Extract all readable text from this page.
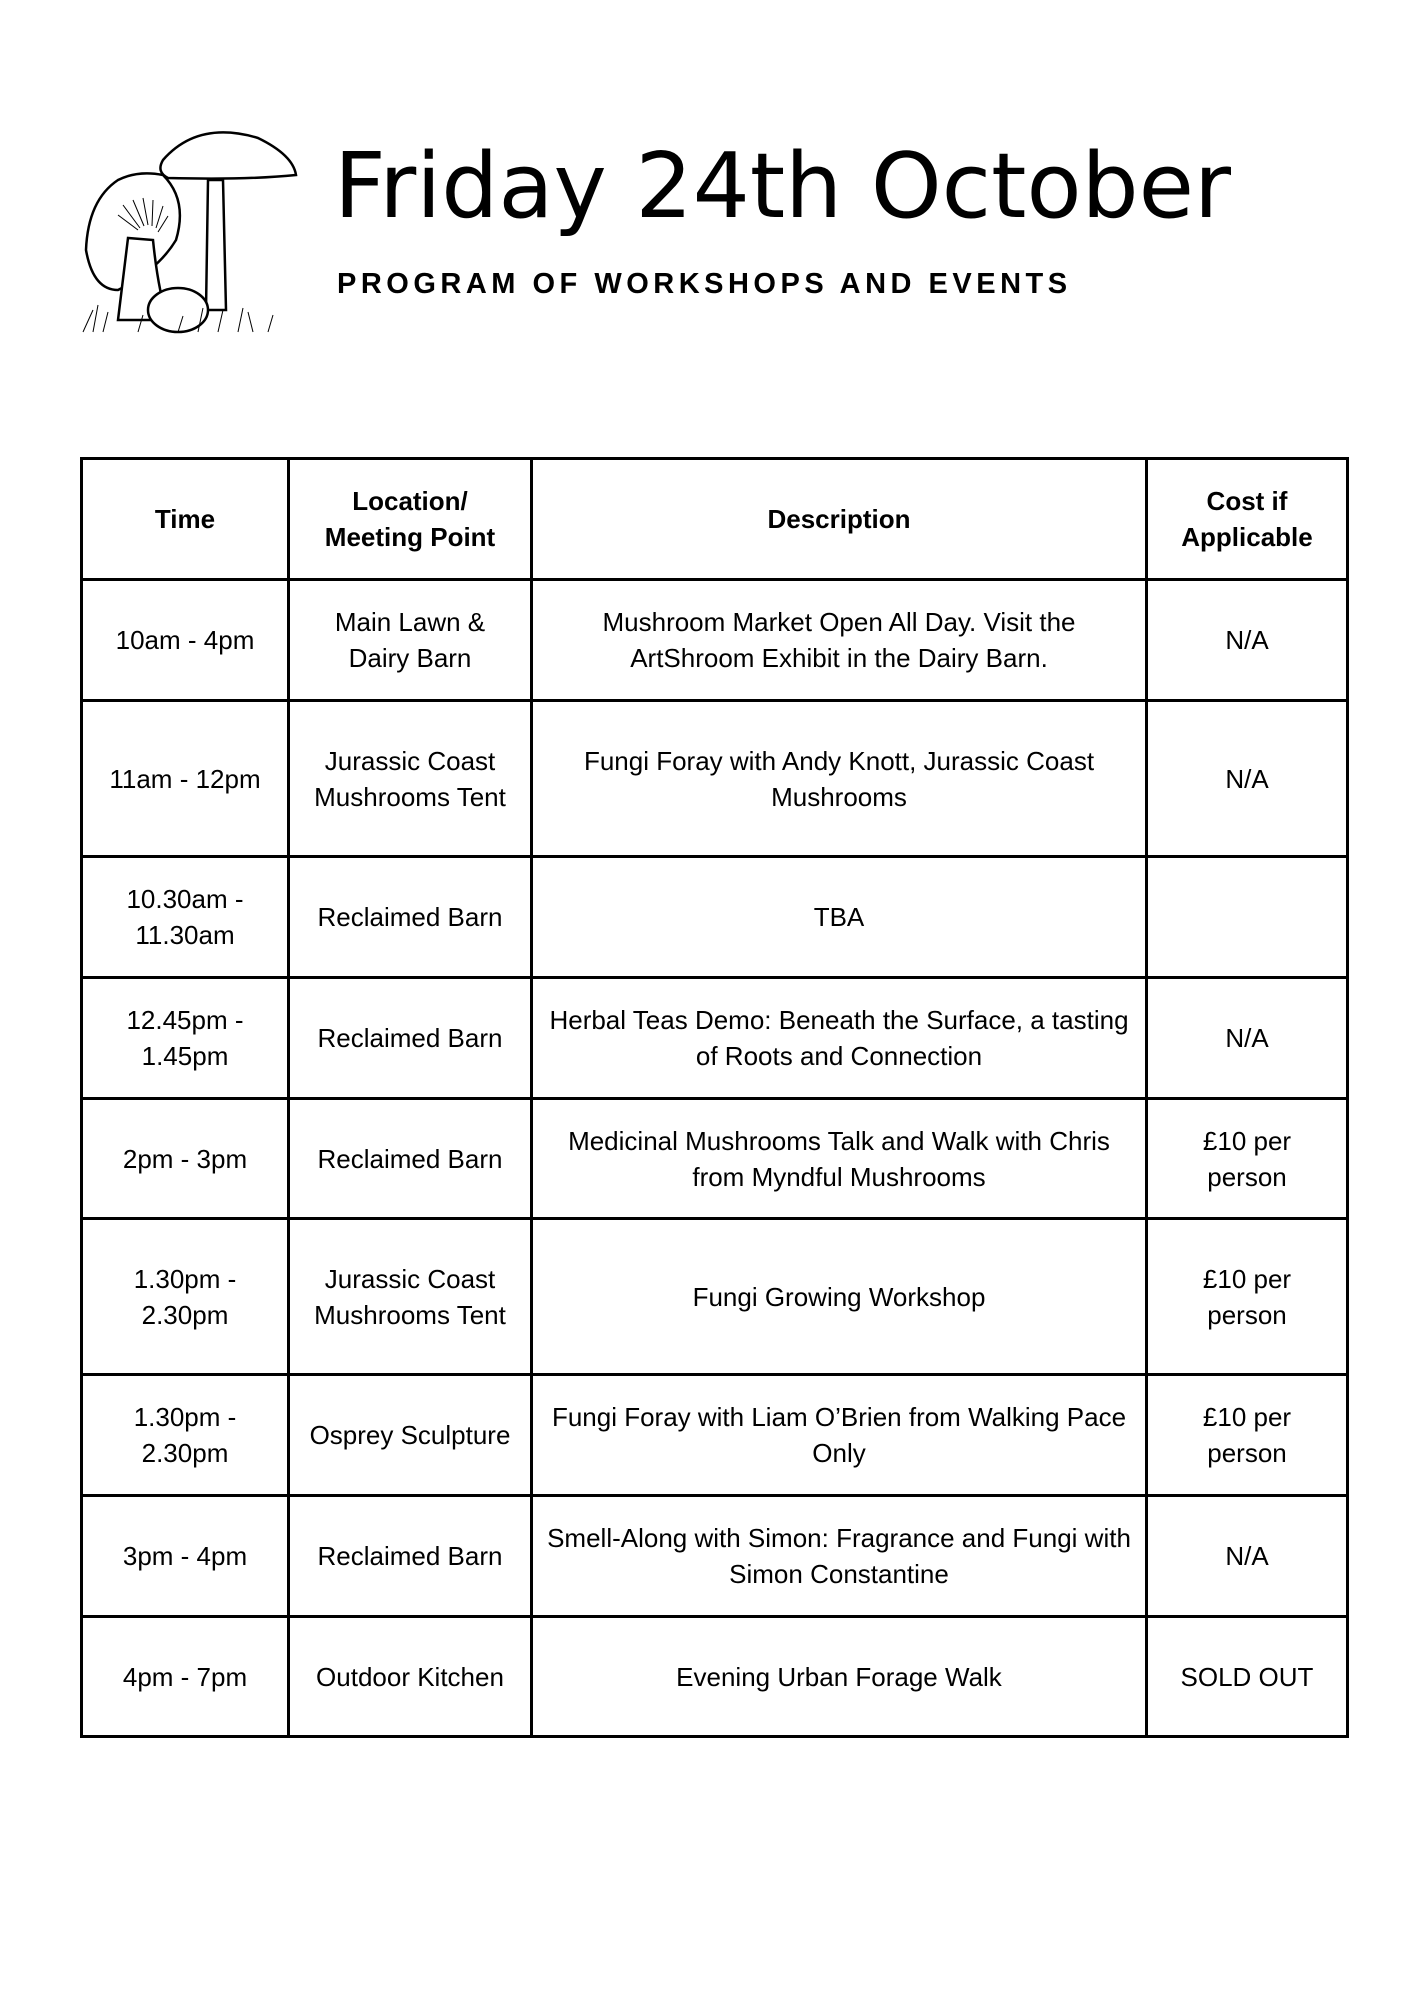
Friday 24th October
PROGRAM OF WORKSHOPS AND EVENTS
Time	Location/ Meeting Point	Description	Cost if Applicable
10am - 4pm	Main Lawn & Dairy Barn	Mushroom Market Open All Day. Visit the ArtShroom Exhibit in the Dairy Barn.	N/A
11am - 12pm	Jurassic Coast Mushrooms Tent	Fungi Foray with Andy Knott, Jurassic Coast Mushrooms	N/A
10.30am - 11.30am	Reclaimed Barn	TBA	
12.45pm - 1.45pm	Reclaimed Barn	Herbal Teas Demo: Beneath the Surface, a tasting of Roots and Connection	N/A
2pm - 3pm	Reclaimed Barn	Medicinal Mushrooms Talk and Walk with Chris from Myndful Mushrooms	£10 per person
1.30pm - 2.30pm	Jurassic Coast Mushrooms Tent	Fungi Growing Workshop	£10 per person
1.30pm - 2.30pm	Osprey Sculpture	Fungi Foray with Liam O’Brien from Walking Pace Only	£10 per person
3pm - 4pm	Reclaimed Barn	Smell-Along with Simon: Fragrance and Fungi with Simon Constantine	N/A
4pm - 7pm	Outdoor Kitchen	Evening Urban Forage Walk	SOLD OUT
